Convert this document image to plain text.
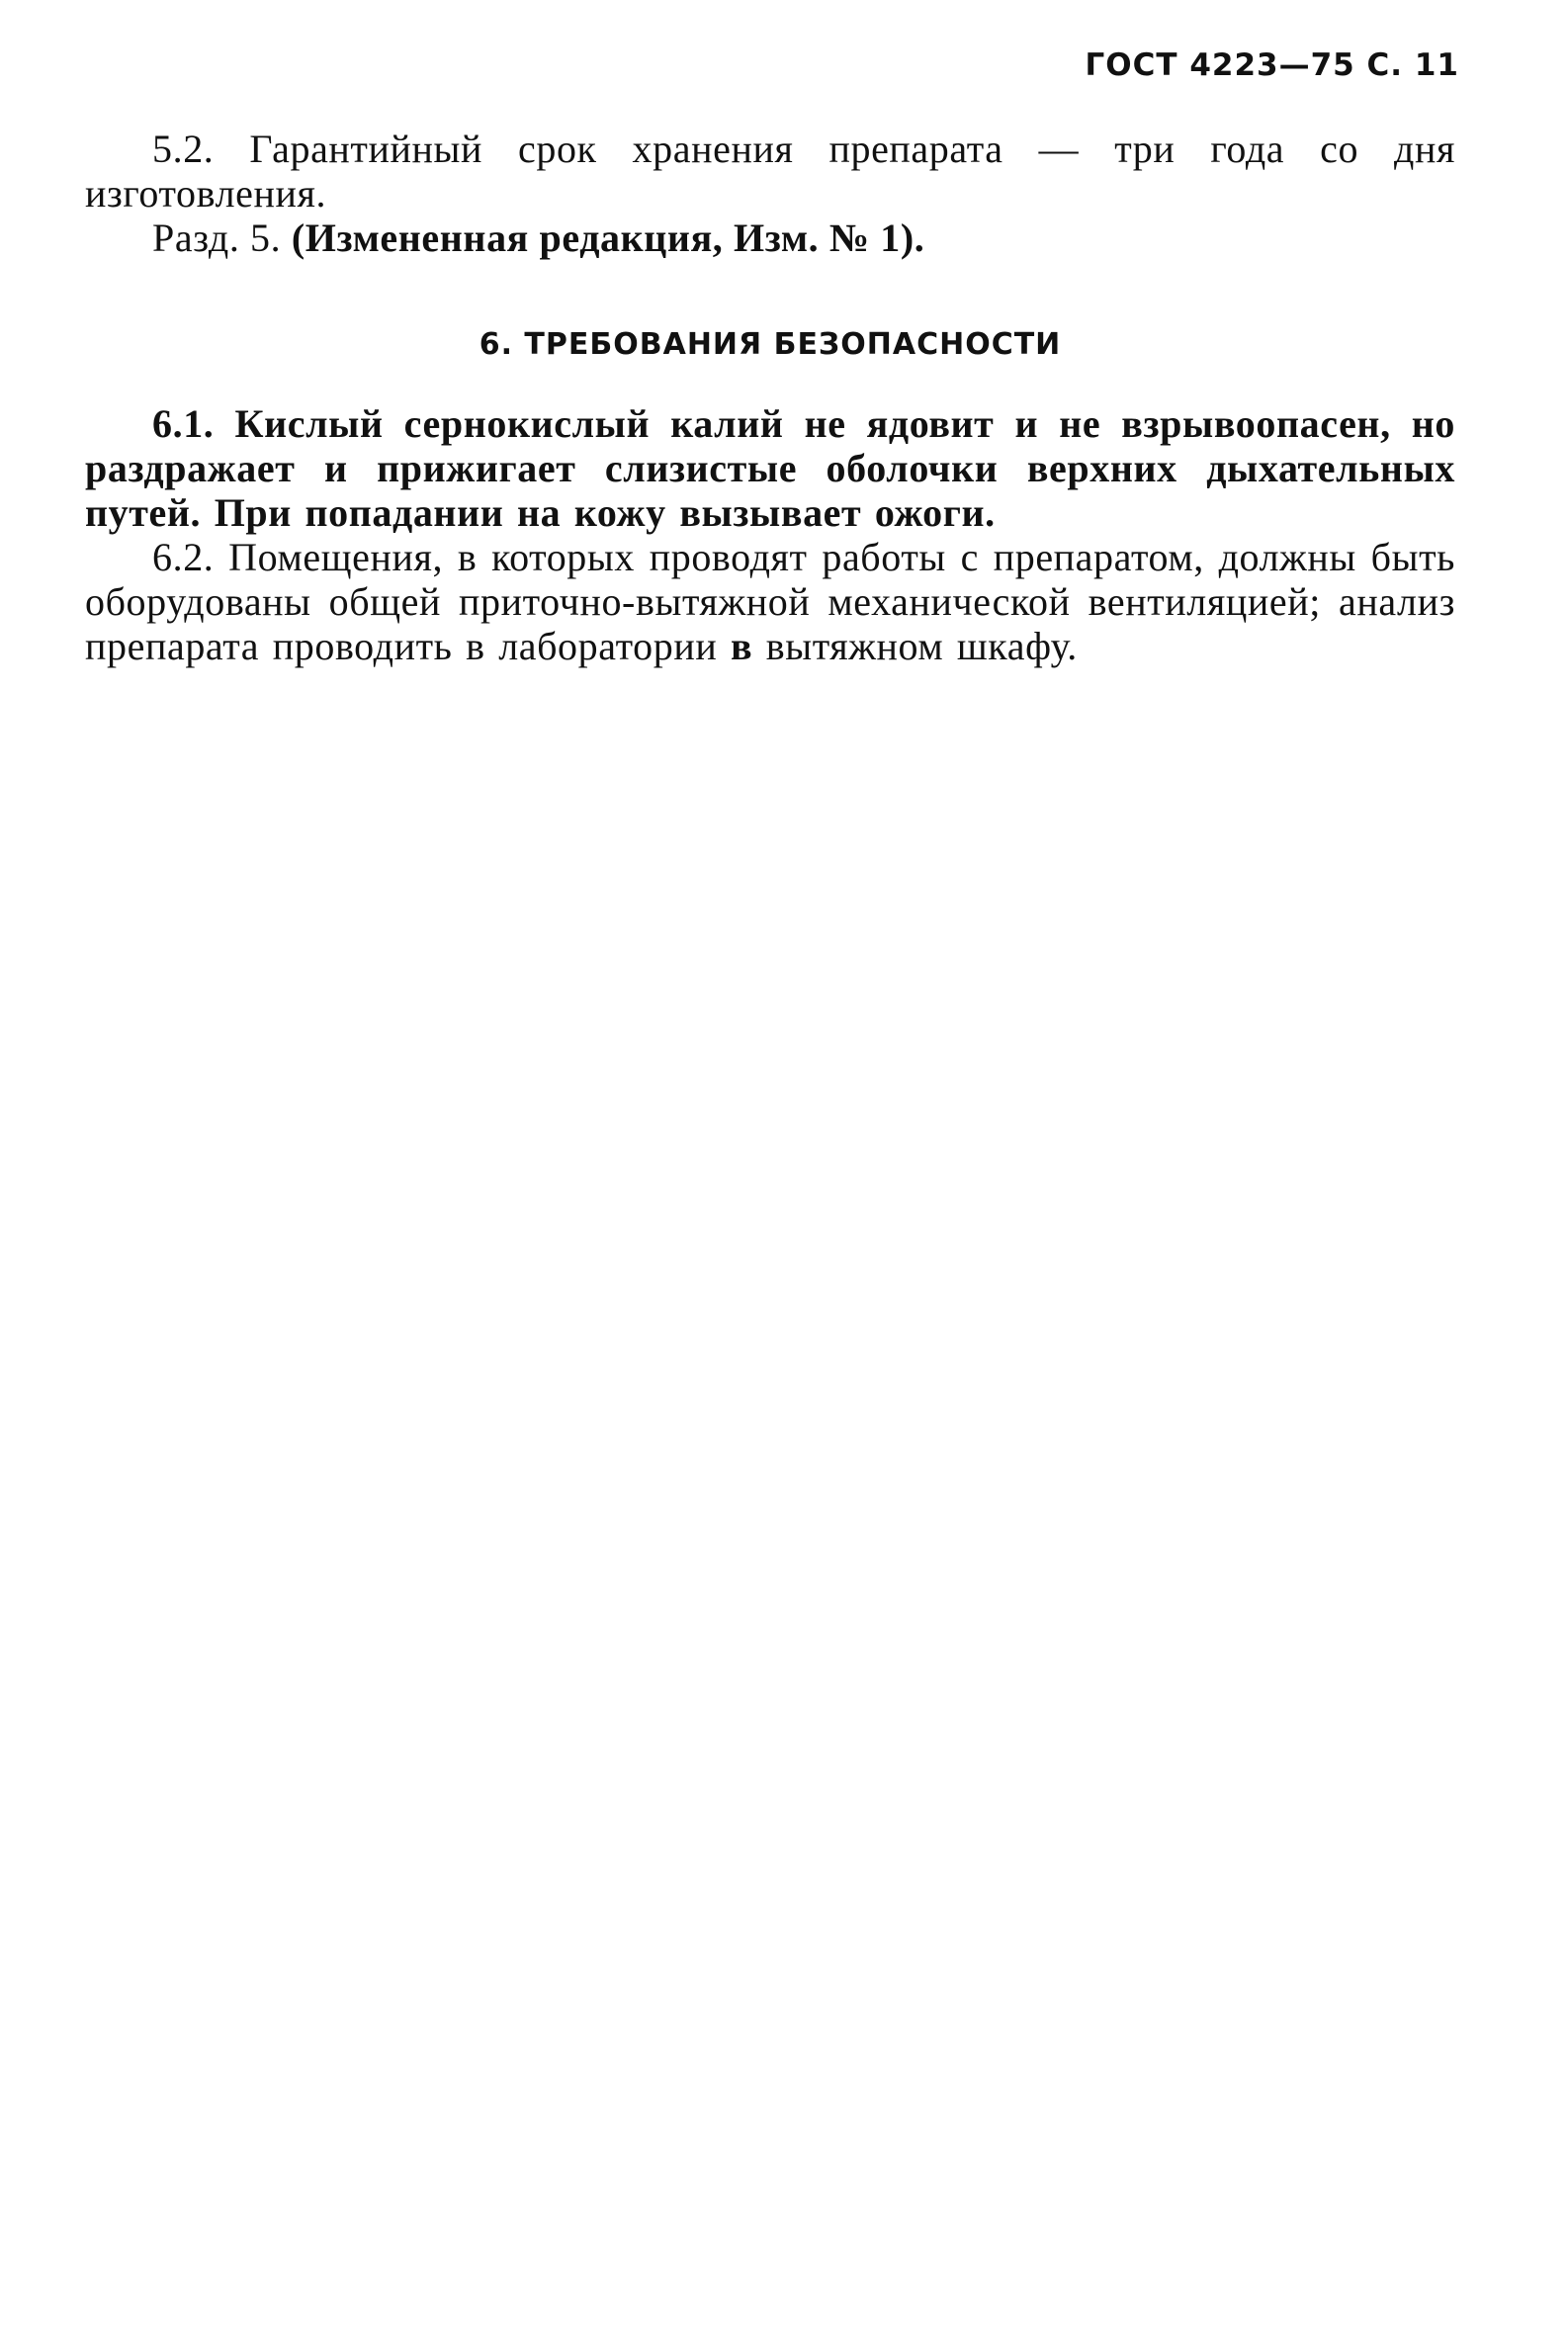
ГОСТ 4223—75 С. 11

5.2. Гарантийный срок хранения препарата — три года со дня изготовления.

Разд. 5. (Измененная редакция, Изм. № 1).

6. ТРЕБОВАНИЯ БЕЗОПАСНОСТИ

6.1. Кислый сернокислый калий не ядовит и не взрывоопасен, но раздражает и прижигает слизистые оболочки верхних дыхательных путей. При попадании на кожу вызывает ожоги.

6.2. Помещения, в которых проводят работы с препаратом, должны быть оборудованы общей приточно-вытяжной механической вентиляцией; анализ препарата проводить в лаборатории в вытяжном шкафу.
